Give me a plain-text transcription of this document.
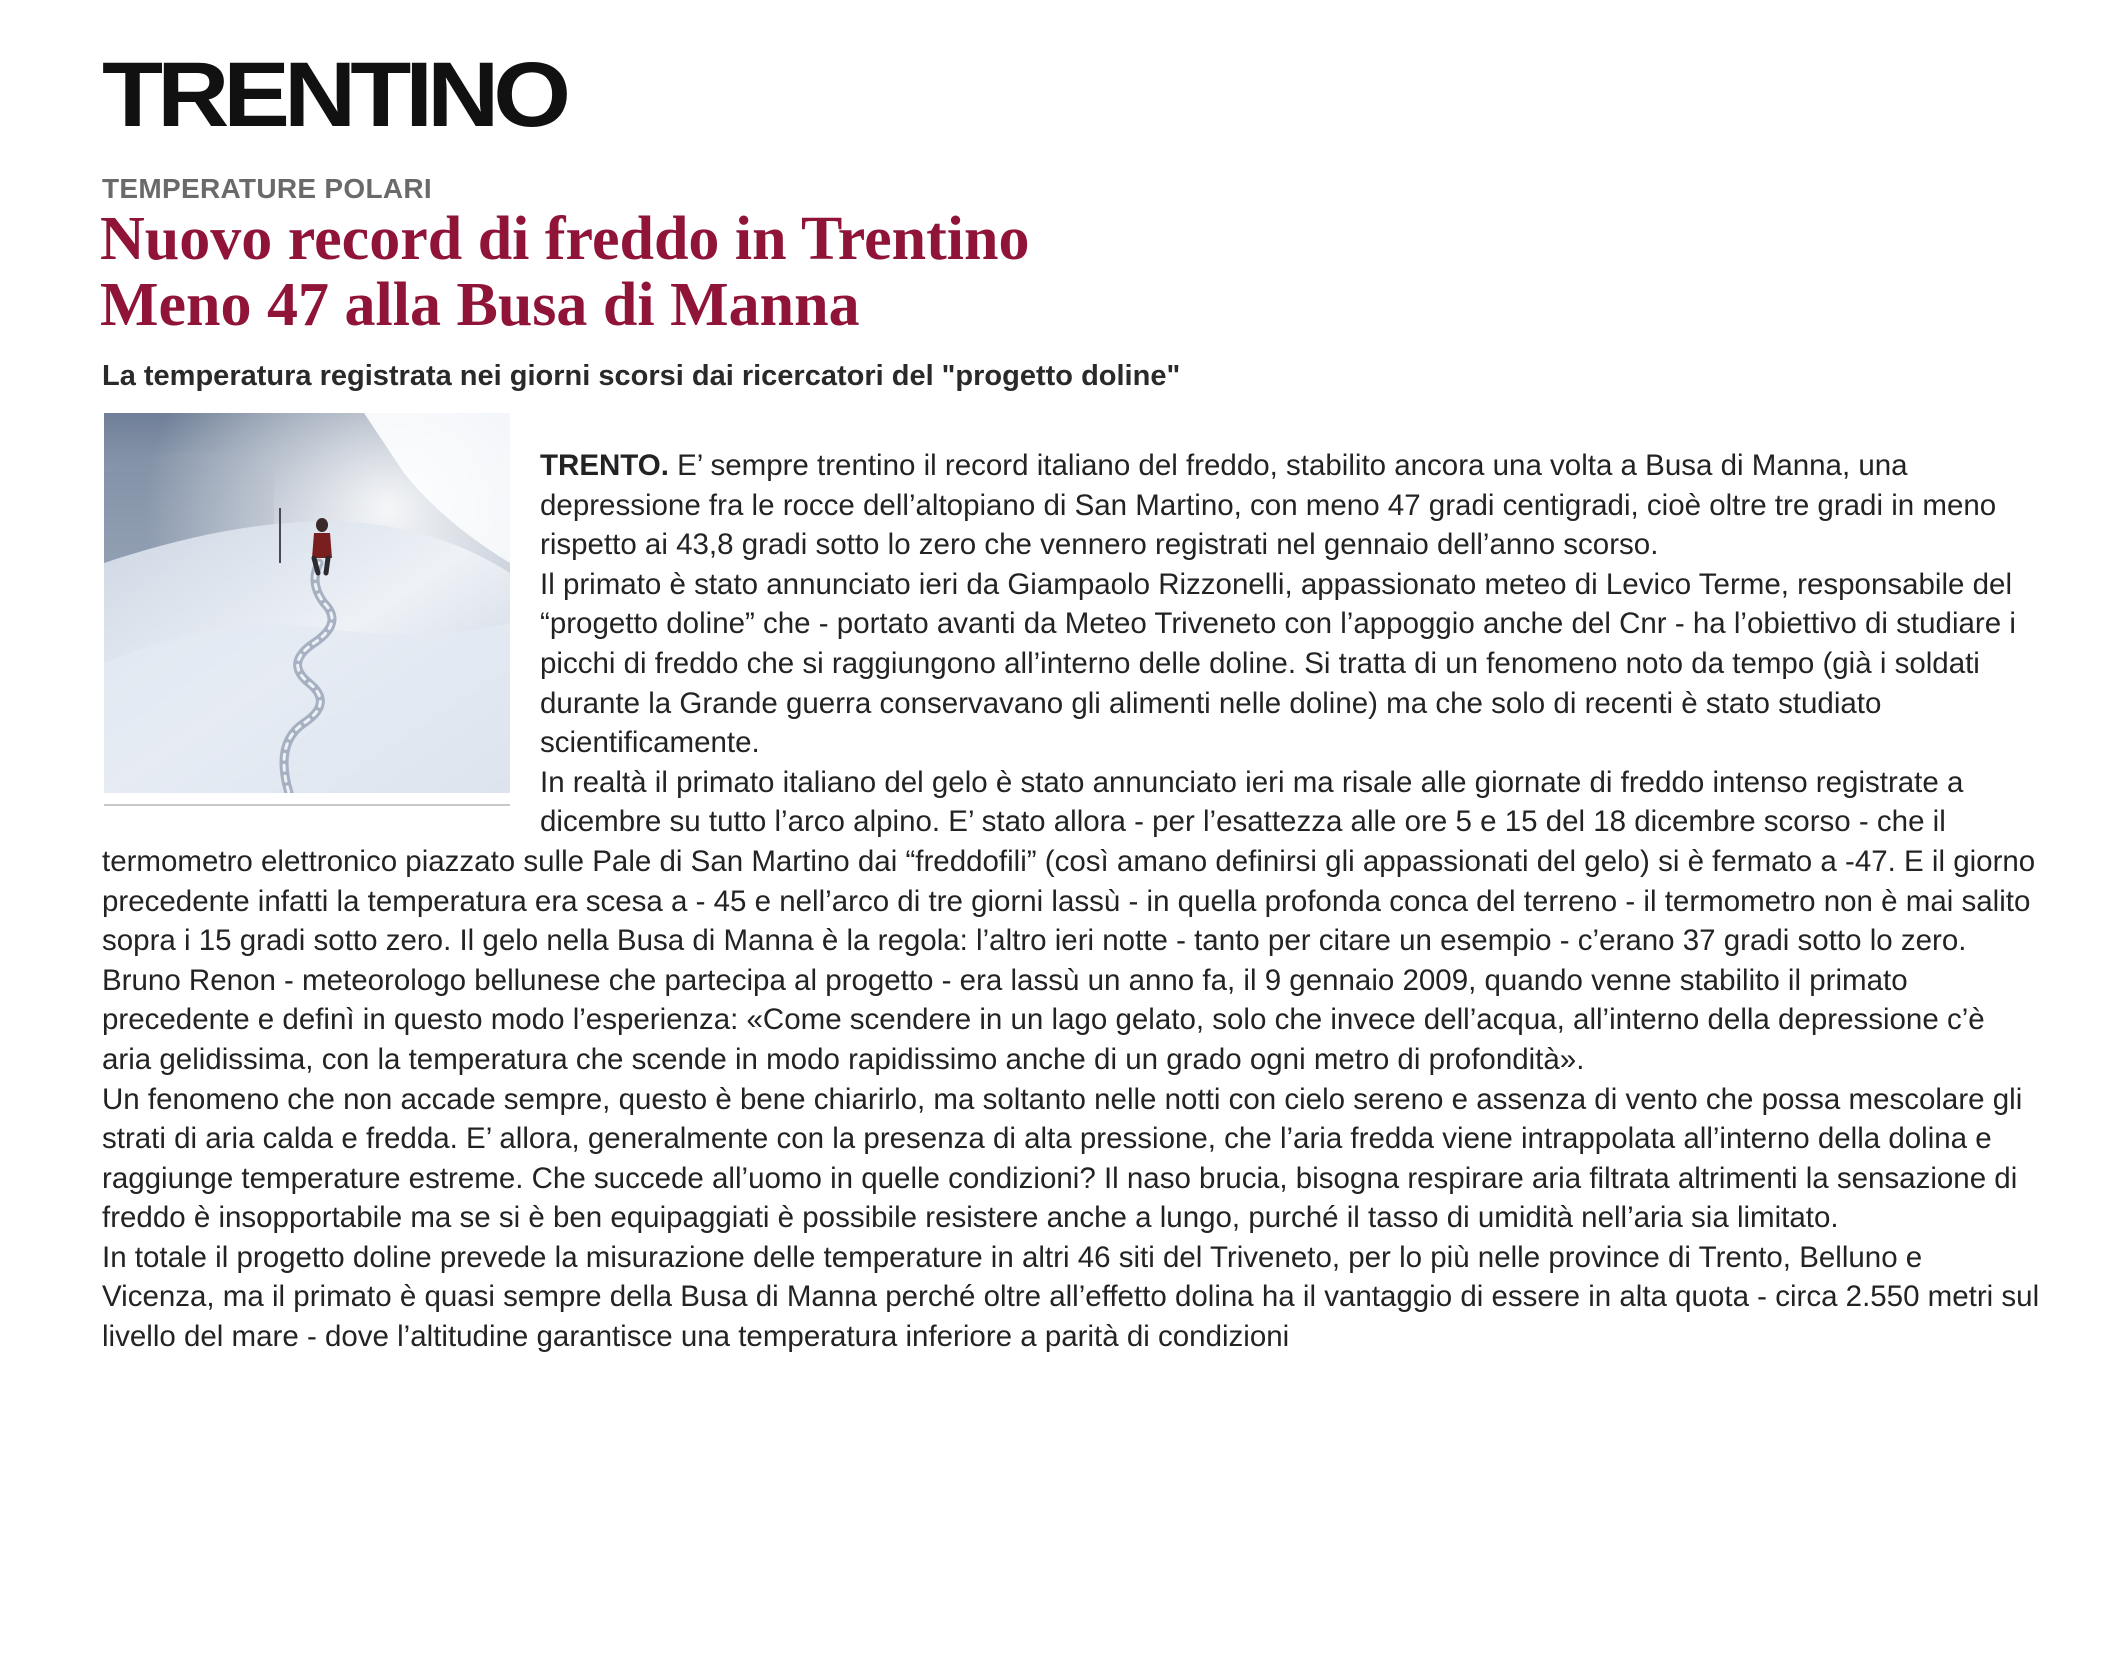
TRENTINO
TEMPERATURE POLARI
Nuovo record di freddo in Trentino
Meno 47 alla Busa di Manna
La temperatura registrata nei giorni scorsi dai ricercatori del "progetto doline"

TRENTO. E’ sempre trentino il record italiano del freddo, stabilito ancora una volta a Busa di Manna, una depressione fra le rocce dell’altopiano di San Martino, con meno 47 gradi centigradi, cioè oltre tre gradi in meno rispetto ai 43,8 gradi sotto lo zero che vennero registrati nel gennaio dell’anno scorso.

Il primato è stato annunciato ieri da Giampaolo Rizzonelli, appassionato meteo di Levico Terme, responsabile del “progetto doline” che - portato avanti da Meteo Triveneto con l’appoggio anche del Cnr - ha l’obiettivo di studiare i picchi di freddo che si raggiungono all’interno delle doline. Si tratta di un fenomeno noto da tempo (già i soldati durante la Grande guerra conservavano gli alimenti nelle doline) ma che solo di recenti è stato studiato scientificamente.

In realtà il primato italiano del gelo è stato annunciato ieri ma risale alle giornate di freddo intenso registrate a dicembre su tutto l’arco alpino. E’ stato allora - per l’esattezza alle ore 5 e 15 del 18 dicembre scorso - che il termometro elettronico piazzato sulle Pale di San Martino dai “freddofili” (così amano definirsi gli appassionati del gelo) si è fermato a -47. E il giorno precedente infatti la temperatura era scesa a - 45 e nell’arco di tre giorni lassù - in quella profonda conca del terreno - il termometro non è mai salito sopra i 15 gradi sotto zero. Il gelo nella Busa di Manna è la regola: l’altro ieri notte - tanto per citare un esempio - c’erano 37 gradi sotto lo zero.

Bruno Renon - meteorologo bellunese che partecipa al progetto - era lassù un anno fa, il 9 gennaio 2009, quando venne stabilito il primato precedente e definì in questo modo l’esperienza: «Come scendere in un lago gelato, solo che invece dell’acqua, all’interno della depressione c’è aria gelidissima, con la temperatura che scende in modo rapidissimo anche di un grado ogni metro di profondità».

Un fenomeno che non accade sempre, questo è bene chiarirlo, ma soltanto nelle notti con cielo sereno e assenza di vento che possa mescolare gli strati di aria calda e fredda. E’ allora, generalmente con la presenza di alta pressione, che l’aria fredda viene intrappolata all’interno della dolina e raggiunge temperature estreme. Che succede all’uomo in quelle condizioni? Il naso brucia, bisogna respirare aria filtrata altrimenti la sensazione di freddo è insopportabile ma se si è ben equipaggiati è possibile resistere anche a lungo, purché il tasso di umidità nell’aria sia limitato.

In totale il progetto doline prevede la misurazione delle temperature in altri 46 siti del Triveneto, per lo più nelle province di Trento, Belluno e Vicenza, ma il primato è quasi sempre della Busa di Manna perché oltre all’effetto dolina ha il vantaggio di essere in alta quota - circa 2.550 metri sul livello del mare - dove l’altitudine garantisce una temperatura inferiore a parità di condizioni
